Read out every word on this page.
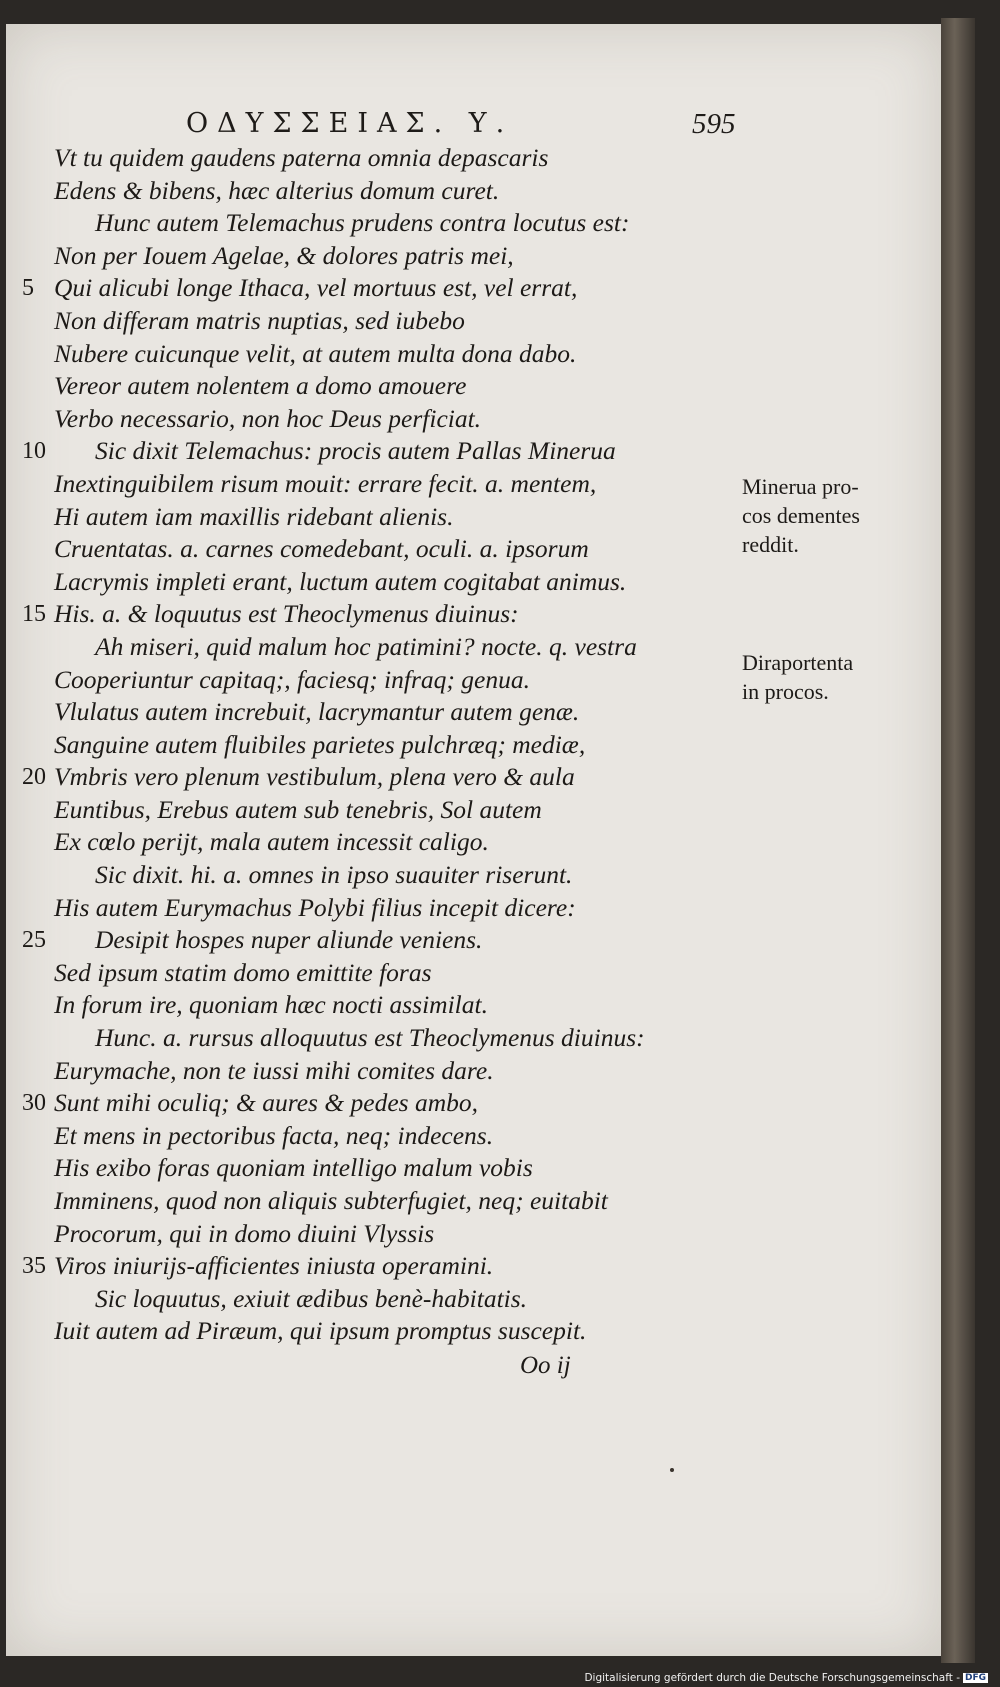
ΟΔΥΣΣΕΙΑΣ. Υ.	595
Vt tu quidem gaudens paterna omnia depascaris
Edens & bibens, hæc alterius domum curet.
Hunc autem Telemachus prudens contra locutus est:
Non per Iouem Agelae, & dolores patris mei,
5 Qui alicubi longe Ithaca, vel mortuus est, vel errat,
Non differam matris nuptias, sed iubebo
Nubere cuicunque velit, at autem multa dona dabo.
Vereor autem nolentem a domo amouere
Verbo necessario, non hoc Deus perficiat.
10 Sic dixit Telemachus: procis autem Pallas Minerua
Inextinguibilem risum mouit: errare fecit. a. mentem,
Hi autem iam maxillis ridebant alienis.
Cruentatas. a. carnes comedebant, oculi. a. ipsorum
Lacrymis impleti erant, luctum autem cogitabat animus.
15 His. a. & loquutus est Theoclymenus diuinus:
Ah miseri, quid malum hoc patimini? nocte. q. vestra
Cooperiuntur capitaq;, faciesq; infraq; genua.
Vlulatus autem increbuit, lacrymantur autem genæ.
Sanguine autem fluibiles parietes pulchræq; mediæ,
20 Vmbris vero plenum vestibulum, plena vero & aula
Euntibus, Erebus autem sub tenebris, Sol autem
Ex cœlo perijt, mala autem incessit caligo.
Sic dixit. hi. a. omnes in ipso suauiter riserunt.
His autem Eurymachus Polybi filius incepit dicere:
25 Desipit hospes nuper aliunde veniens.
Sed ipsum statim domo emittite foras
In forum ire, quoniam hæc nocti assimilat.
Hunc. a. rursus alloquutus est Theoclymenus diuinus:
Eurymache, non te iussi mihi comites dare.
30 Sunt mihi oculiq; & aures & pedes ambo,
Et mens in pectoribus facta, neq; indecens.
His exibo foras quoniam intelligo malum vobis
Imminens, quod non aliquis subterfugiet, neq; euitabit
Procorum, qui in domo diuini Vlyssis
35 Viros iniurijs-afficientes iniusta operamini.
Sic loquutus, exiuit ædibus benè-habitatis.
Iuit autem ad Piræum, qui ipsum promptus suscepit.
Minerua pro-
cos dementes
reddit.
Diraportenta
in procos.
Oo ij
Digitalisierung gefördert durch die Deutsche Forschungsgemeinschaft - DFG
